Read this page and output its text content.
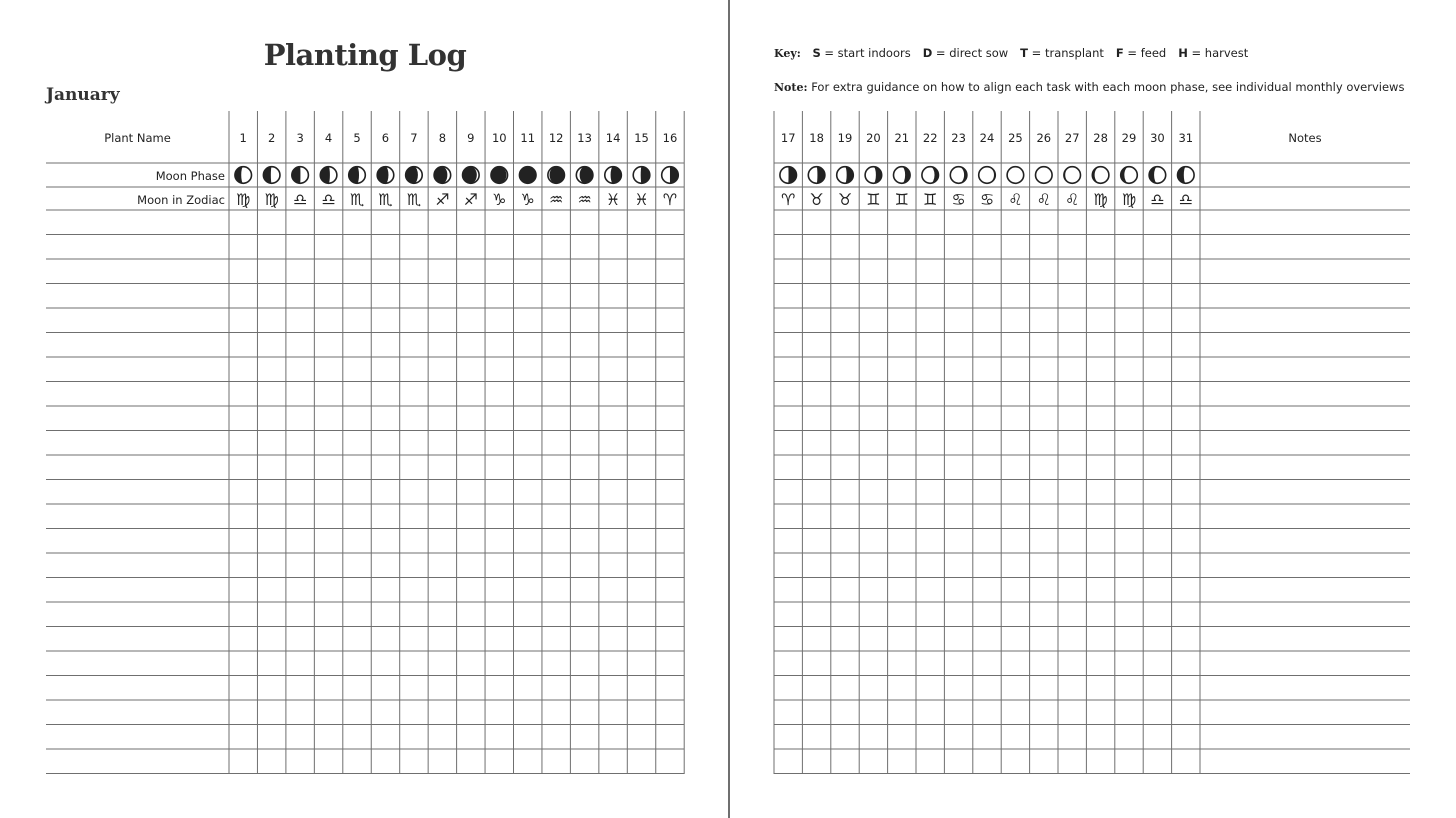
Planting Log
January
Key: S = start indoors D = direct sow T = transplant F = feed H = harvest
Note: For extra guidance on how to align each task with each moon phase, see individual monthly overviews
Plant Name
Moon Phase
Moon in Zodiac
1
♍
2
♍
3
♎
4
♎
5
♏
6
♏
7
♏
8
♐
9
♐
10
♑
11
♑
12
♒
13
♒
14
♓
15
♓
16
♈
Notes
17
♈
18
♉
19
♉
20
♊
21
♊
22
♊
23
♋
24
♋
25
♌
26
♌
27
♌
28
♍
29
♍
30
♎
31
♎
